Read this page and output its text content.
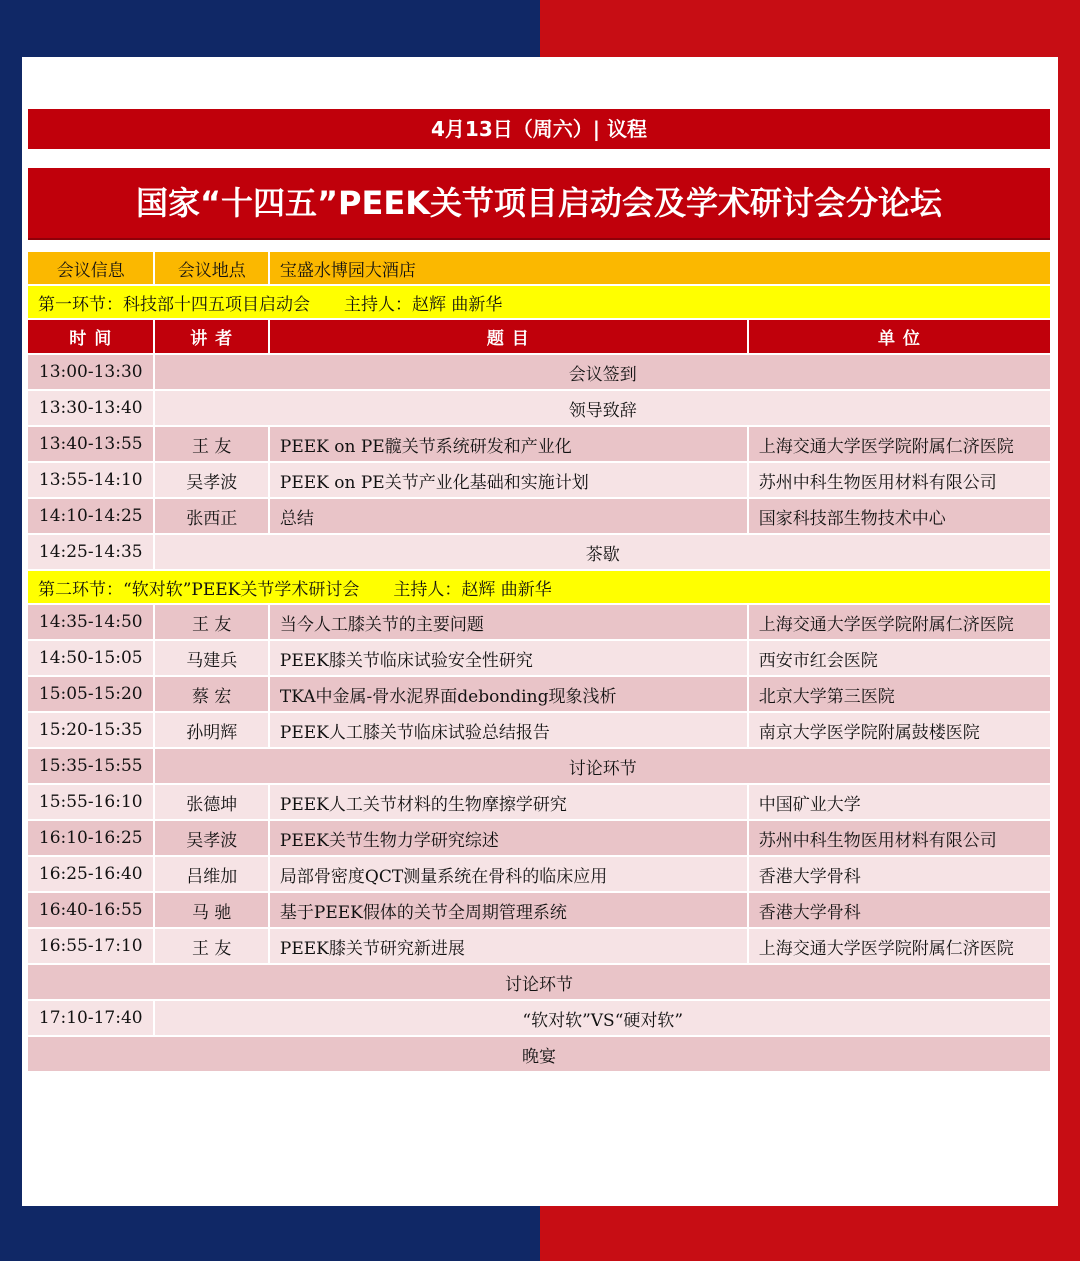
4月13日（周六）| 议程
国家“十四五”PEEK关节项目启动会及学术研讨会分论坛
会议信息	会议地点	宝盛水博园大酒店	
第一环节：科技部十四五项目启动会 主持人：赵辉 曲新华			
时 间	讲 者	题 目	单 位
13:00-13:30	会议签到		
13:30-13:40	领导致辞		
13:40-13:55	王 友	PEEK on PE髋关节系统研发和产业化	上海交通大学医学院附属仁济医院
13:55-14:10	吴孝波	PEEK on PE关节产业化基础和实施计划	苏州中科生物医用材料有限公司
14:10-14:25	张西正	总结	国家科技部生物技术中心
14:25-14:35	茶歇		
第二环节：“软对软”PEEK关节学术研讨会 主持人：赵辉 曲新华			
14:35-14:50	王 友	当今人工膝关节的主要问题	上海交通大学医学院附属仁济医院
14:50-15:05	马建兵	PEEK膝关节临床试验安全性研究	西安市红会医院
15:05-15:20	蔡 宏	TKA中金属-骨水泥界面debonding现象浅析	北京大学第三医院
15:20-15:35	孙明辉	PEEK人工膝关节临床试验总结报告	南京大学医学院附属鼓楼医院
15:35-15:55	讨论环节		
15:55-16:10	张德坤	PEEK人工关节材料的生物摩擦学研究	中国矿业大学
16:10-16:25	吴孝波	PEEK关节生物力学研究综述	苏州中科生物医用材料有限公司
16:25-16:40	吕维加	局部骨密度QCT测量系统在骨科的临床应用	香港大学骨科
16:40-16:55	马 驰	基于PEEK假体的关节全周期管理系统	香港大学骨科
16:55-17:10	王 友	PEEK膝关节研究新进展	上海交通大学医学院附属仁济医院
讨论环节			
17:10-17:40	“软对软”VS“硬对软”		
晚宴			
